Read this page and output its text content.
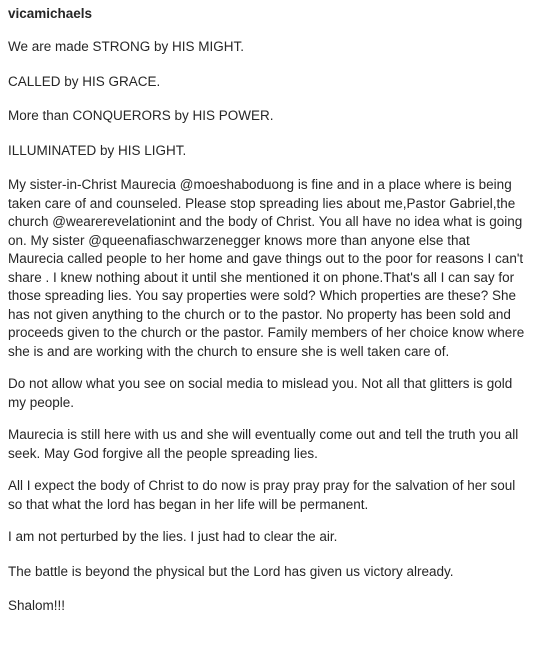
vicamichaels

We are made STRONG by HIS MIGHT.

CALLED by HIS GRACE.

More than CONQUERORS by HIS POWER.

ILLUMINATED by HIS LIGHT.

My sister-in-Christ Maurecia @moeshaboduong is fine and in a place where is being taken care of and counseled. Please stop spreading lies about me,Pastor Gabriel,the church @wearerevelationint and the body of Christ. You all have no idea what is going on. My sister @queenafiaschwarzenegger knows more than anyone else that Maurecia called people to her home and gave things out to the poor for reasons I can't share . I knew nothing about it until she mentioned it on phone.That's all I can say for those spreading lies. You say properties were sold? Which properties are these? She has not given anything to the church or to the pastor. No property has been sold and proceeds given to the church or the pastor. Family members of her choice know where she is and are working with the church to ensure she is well taken care of.

Do not allow what you see on social media to mislead you. Not all that glitters is gold my people.

Maurecia is still here with us and she will eventually come out and tell the truth you all seek. May God forgive all the people spreading lies.

All I expect the body of Christ to do now is pray pray pray for the salvation of her soul so that what the lord has began in her life will be permanent.

I am not perturbed by the lies. I just had to clear the air.

The battle is beyond the physical but the Lord has given us victory already.

Shalom!!!
